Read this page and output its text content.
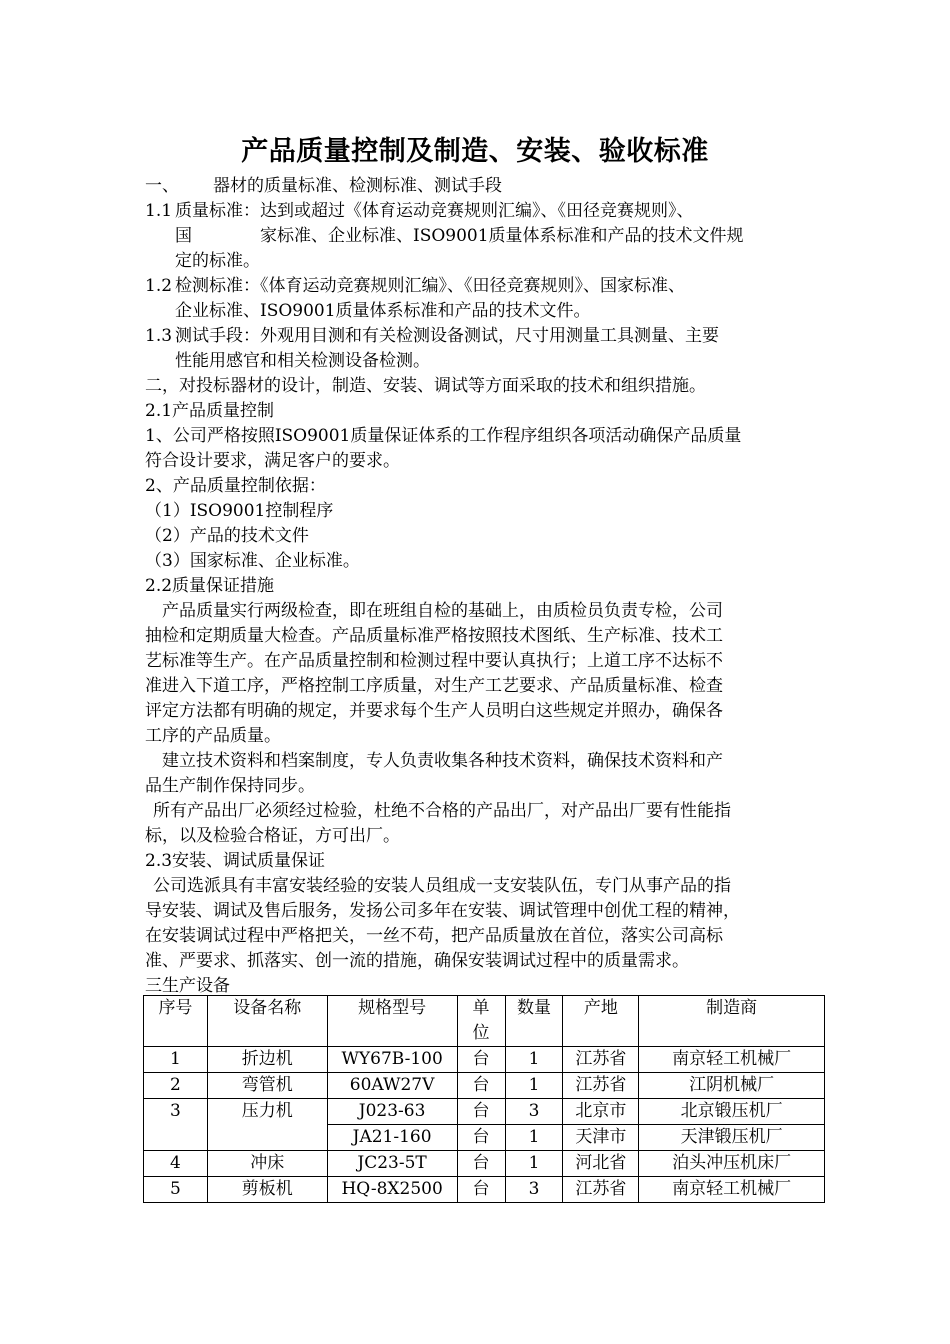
产品质量控制及制造、安装、验收标准
一、	器材的质量标准、检测标准、测试手段
1.1 质量标准：达到或超过《体育运动竞赛规则汇编》、《田径竞赛规则》、

国　　　　家标准、企业标准、ISO9001质量体系标准和产品的技术文件规

定的标准。

1.2 检测标准：《体育运动竞赛规则汇编》、《田径竞赛规则》、国家标准、

企业标准、ISO9001质量体系标准和产品的技术文件。

1.3 测试手段：外观用目测和有关检测设备测试，尺寸用测量工具测量、主要

性能用感官和相关检测设备检测。

二，对投标器材的设计，制造、安装、调试等方面采取的技术和组织措施。

2.1产品质量控制

1、公司严格按照ISO9001质量保证体系的工作程序组织各项活动确保产品质量

符合设计要求，满足客户的要求。

2、产品质量控制依据：

（1）ISO9001控制程序

（2）产品的技术文件

（3）国家标准、企业标准。

2.2质量保证措施

产品质量实行两级检查，即在班组自检的基础上，由质检员负责专检，公司

抽检和定期质量大检查。产品质量标准严格按照技术图纸、生产标准、技术工

艺标准等生产。在产品质量控制和检测过程中要认真执行；上道工序不达标不

准进入下道工序，严格控制工序质量，对生产工艺要求、产品质量标准、检查

评定方法都有明确的规定，并要求每个生产人员明白这些规定并照办，确保各

工序的产品质量。

建立技术资料和档案制度，专人负责收集各种技术资料，确保技术资料和产

品生产制作保持同步。

所有产品出厂必须经过检验，杜绝不合格的产品出厂，对产品出厂要有性能指

标，以及检验合格证，方可出厂。

2.3安装、调试质量保证

公司选派具有丰富安装经验的安装人员组成一支安装队伍，专门从事产品的指

导安装、调试及售后服务，发扬公司多年在安装、调试管理中创优工程的精神，

在安装调试过程中严格把关，一丝不苟，把产品质量放在首位，落实公司高标

准、严要求、抓落实、创一流的措施，确保安装调试过程中的质量需求。

三生产设备

序号	设备名称	规格型号	单位	数量	产地	制造商
1	折边机	WY67B-100	台	1	江苏省	南京轻工机械厂
2	弯管机	60AW27V	台	1	江苏省	江阴机械厂
3	压力机	J023-63	台	3	北京市	北京锻压机厂
		JA21-160	台	1	天津市	天津锻压机厂
4	冲床	JC23-5T	台	1	河北省	泊头冲压机床厂
5	剪板机	HQ-8X2500	台	3	江苏省	南京轻工机械厂
